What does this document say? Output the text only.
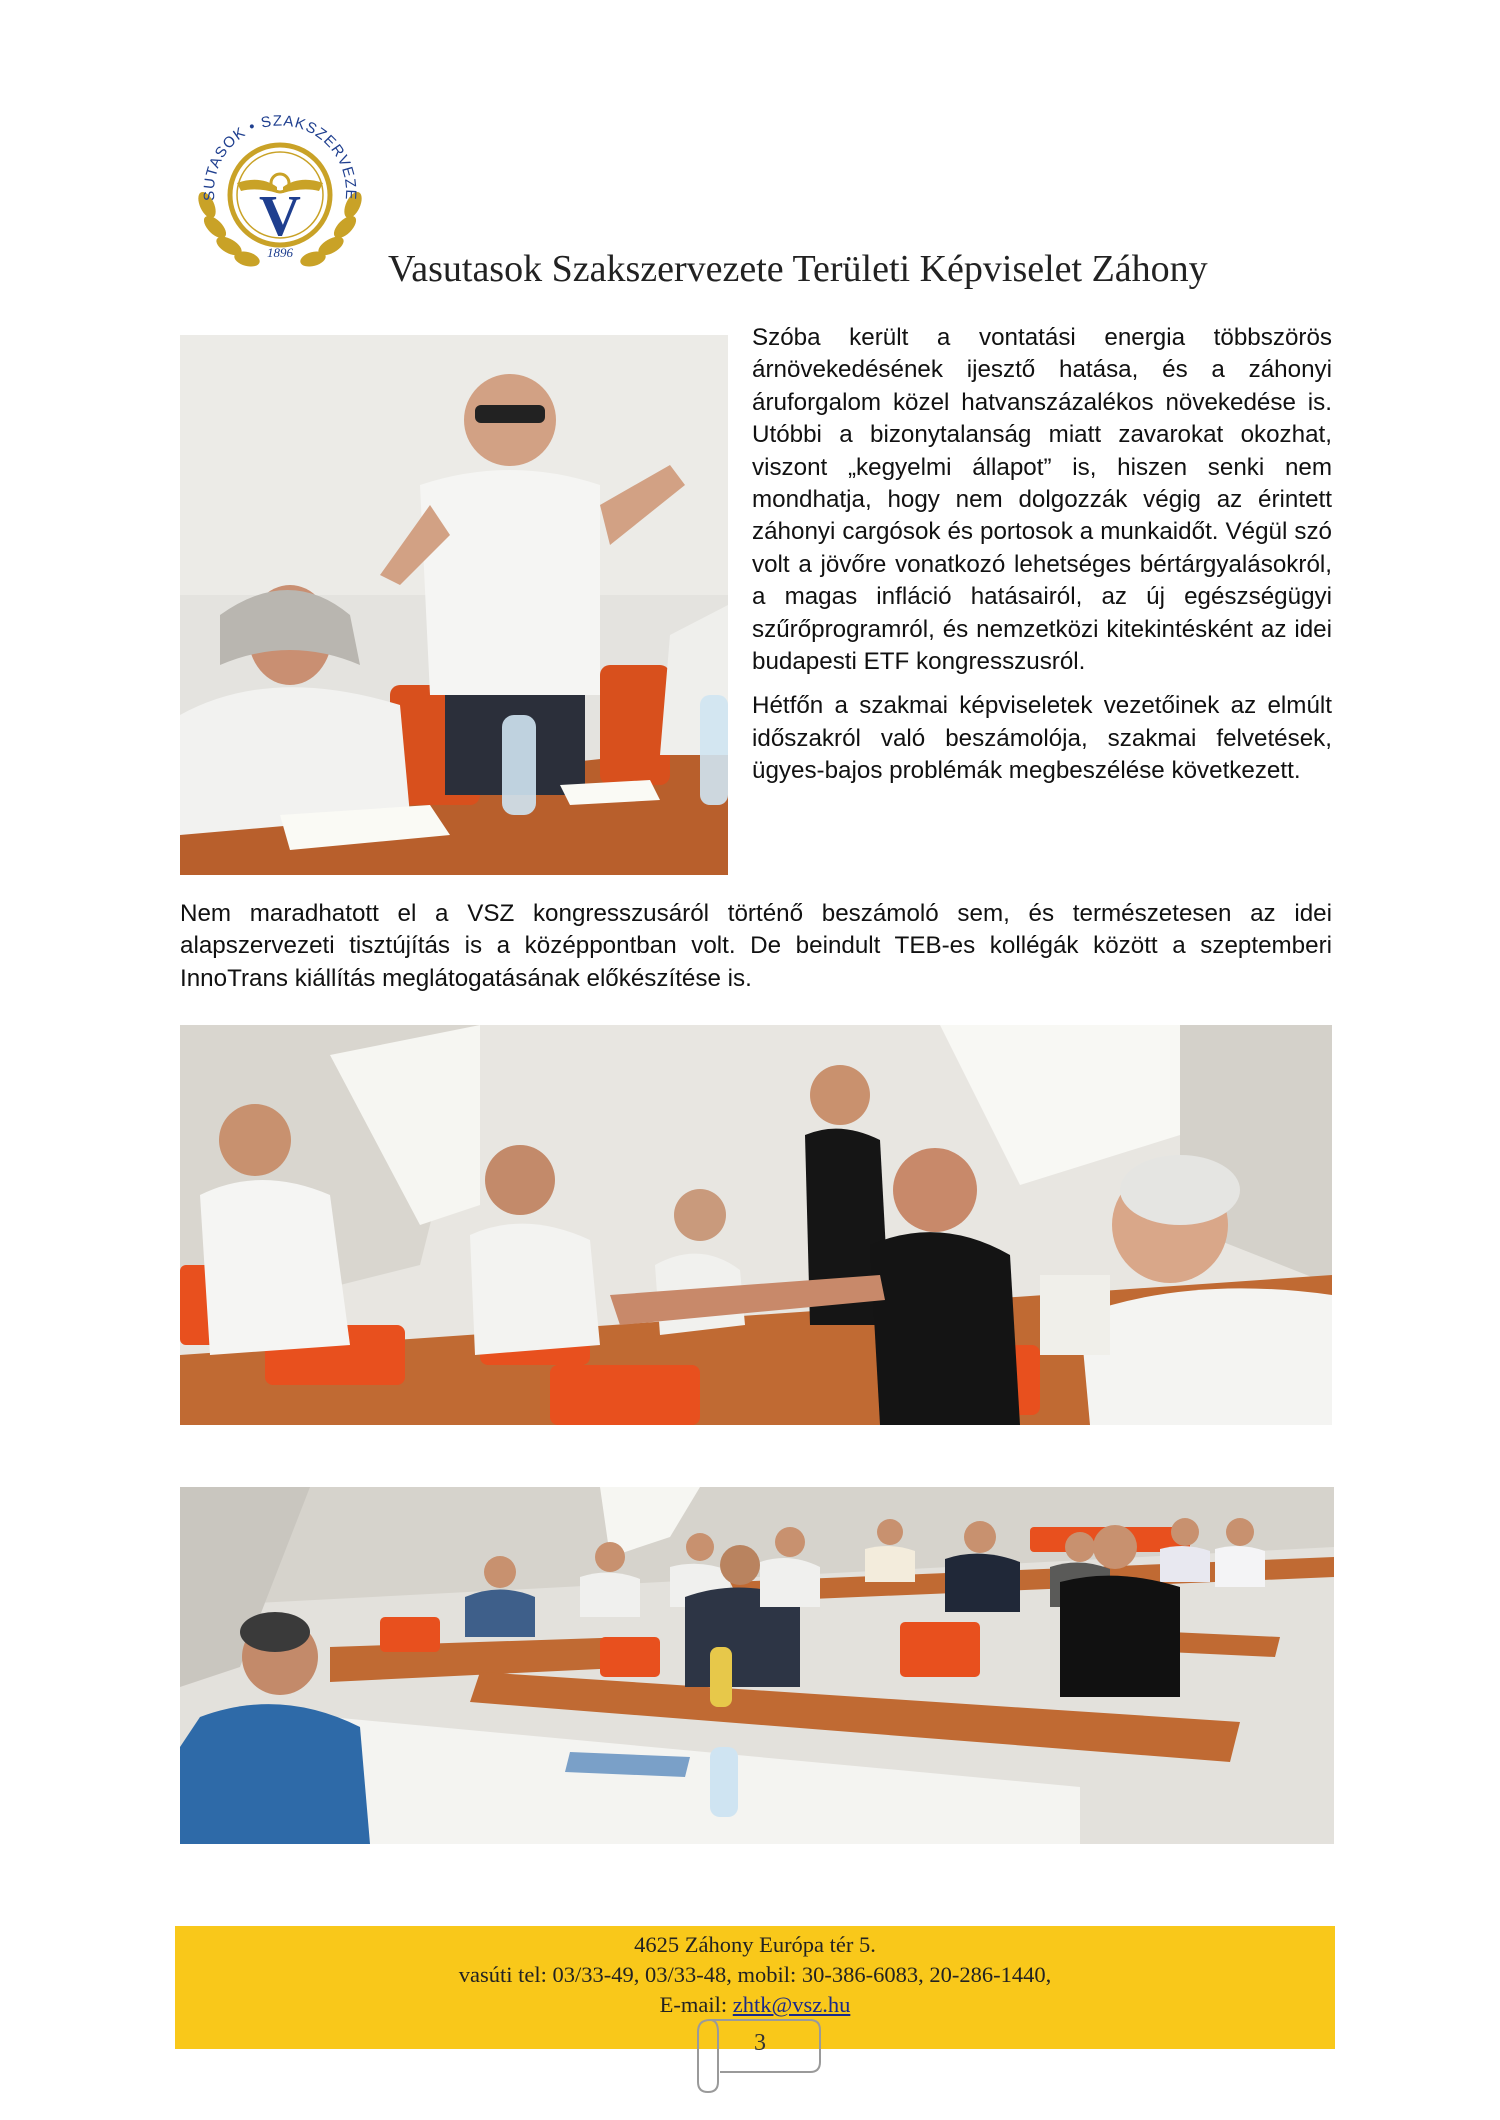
V
SUTASOK • SZAKSZERVEZE
1896	Vasutasok Szakszervezete Területi Képviselet Záhony

Szóba került a vontatási energia többszörös árnövekedésének ijesztő hatása, és a záhonyi áruforgalom közel hatvanszázalékos növekedése is. Utóbbi a bizonytalanság miatt zavarokat okozhat, viszont „kegyelmi állapot” is, hiszen senki nem mondhatja, hogy nem dolgozzák végig az érintett záhonyi cargósok és portosok a munkaidőt. Végül szó volt a jövőre vonatkozó lehetséges bértárgyalásokról, a magas infláció hatásairól, az új egészségügyi szűrőprogramról, és nemzetközi kitekintésként az idei budapesti ETF kongresszusról.

Hétfőn a szakmai képviseletek vezetőinek az elmúlt időszakról való beszámolója, szakmai felvetések, ügyes-bajos problémák megbeszélése következett.

Nem maradhatott el a VSZ kongresszusáról történő beszámoló sem, és természetesen az idei alapszervezeti tisztújítás is a középpontban volt. De beindult TEB-es kollégák között a szeptemberi InnoTrans kiállítás meglátogatásának előkészítése is.

4625 Záhony Európa tér 5.
vasúti tel: 03/33-49, 03/33-48, mobil: 30-386-6083, 20-286-1440,
E-mail: zhtk@vsz.hu
3
